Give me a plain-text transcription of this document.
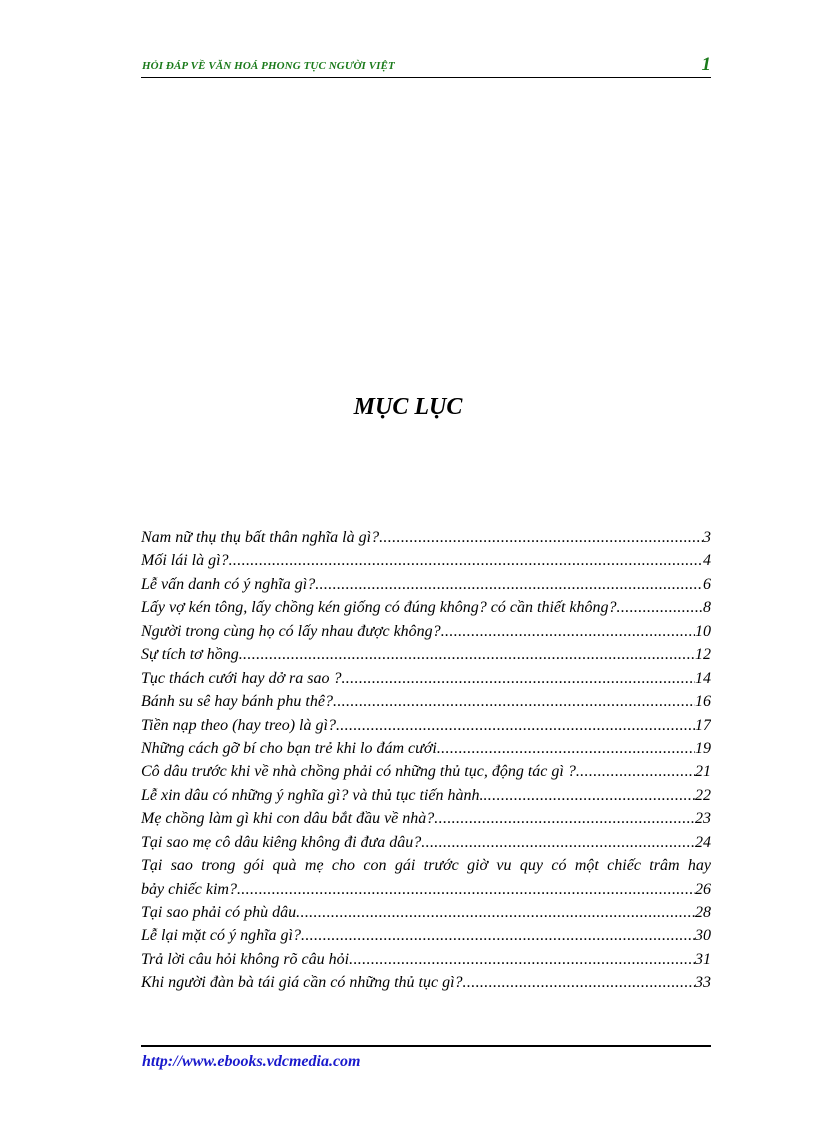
HỎI ĐÁP VỀ VĂN HOÁ PHONG TỤC NGƯỜI VIỆT	1
MỤC LỤC
Nam nữ thụ thụ bất thân nghĩa là gì? .....	3
Mối lái là gì? .....	4
Lễ vấn danh có ý nghĩa gì? .....	6
Lấy vợ kén tông, lấy chồng kén giống có đúng không? có cần thiết không? .....	8
Người trong cùng họ có lấy nhau được không? .....	10
Sự tích tơ hồng .....	12
Tục thách cưới hay dở ra sao ? .....	14
Bánh su sê hay bánh phu thê? .....	16
Tiền nạp theo (hay treo) là gì? .....	17
Những cách gỡ bí cho bạn trẻ khi lo đám cưới .....	19
Cô dâu trước khi về nhà chồng phải có những thủ tục, động tác gì ? .....	21
Lễ xin dâu có những ý nghĩa gì? và thủ tục tiến hành. .....	22
Mẹ chồng làm gì khi con dâu bắt đầu về nhà? .....	23
Tại sao mẹ cô dâu kiêng không đi đưa dâu? .....	24
Tại sao trong gói quà mẹ cho con gái trước giờ vu quy có một chiếc trâm hay
bảy chiếc kim? .....	26
Tại sao phải có phù dâu .....	28
Lễ lại mặt có ý nghĩa gì? .....	30
Trả lời câu hỏi không rõ câu hỏi .....	31
Khi người đàn bà tái giá cần có những thủ tục gì? .....	33
http://www.ebooks.vdcmedia.com
